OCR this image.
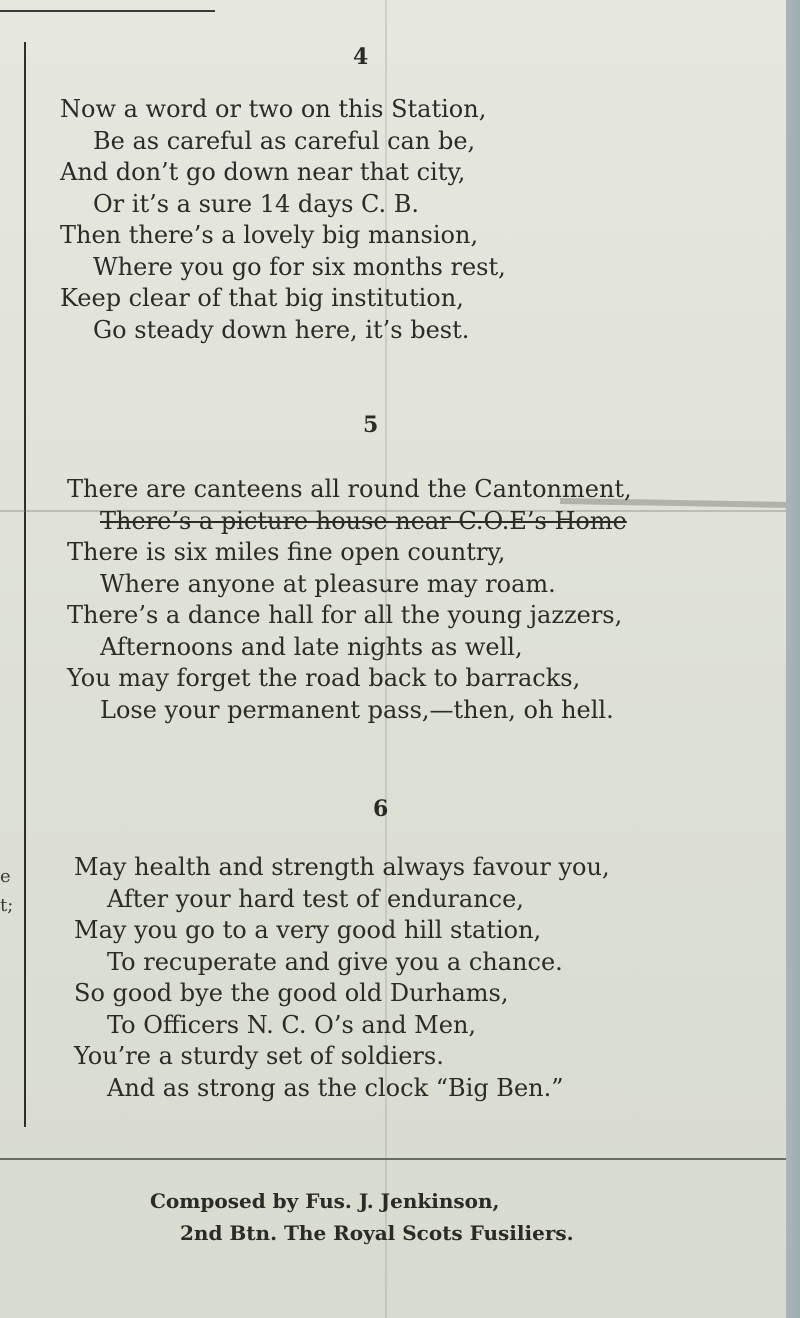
e
t;
4
Now a word or two on this Station,
Be as careful as careful can be,
And don’t go down near that city,
Or it’s a sure 14 days C. B.
Then there’s a lovely big mansion,
Where you go for six months rest,
Keep clear of that big institution,
Go steady down here, it’s best.
5
There are canteens all round the Cantonment,
There’s a picture house near C.O.E’s Home
There is six miles fine open country,
Where anyone at pleasure may roam.
There’s a dance hall for all the young jazzers,
Afternoons and late nights as well,
You may forget the road back to barracks,
Lose your permanent pass,—then, oh hell.
6
May health and strength always favour you,
After your hard test of endurance,
May you go to a very good hill station,
To recuperate and give you a chance.
So good bye the good old Durhams,
To Officers N. C. O’s and Men,
You’re a sturdy set of soldiers.
And as strong as the clock “Big Ben.”
Composed by Fus. J. Jenkinson,
2nd Btn. The Royal Scots Fusiliers.
